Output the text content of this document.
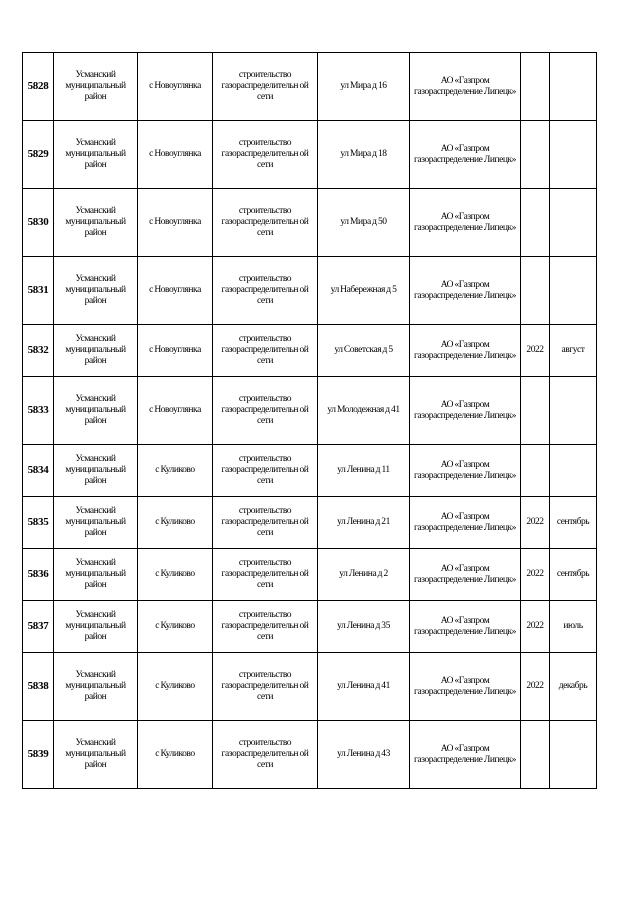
5828	Усманский муниципальный район	с Новоуглянка	строительство газораспределительн ой сети	ул Мира д 16	АО «Газпром газораспределение Липецк»		
5829	Усманский муниципальный район	с Новоуглянка	строительство газораспределительн ой сети	ул Мира д 18	АО «Газпром газораспределение Липецк»		
5830	Усманский муниципальный район	с Новоуглянка	строительство газораспределительн ой сети	ул Мира д 50	АО «Газпром газораспределение Липецк»		
5831	Усманский муниципальный район	с Новоуглянка	строительство газораспределительн ой сети	ул Набережная д 5	АО «Газпром газораспределение Липецк»		
5832	Усманский муниципальный район	с Новоуглянка	строительство газораспределительн ой сети	ул Советская д 5	АО «Газпром газораспределение Липецк»	2022	август
5833	Усманский муниципальный район	с Новоуглянка	строительство газораспределительн ой сети	ул Молодежная д 41	АО «Газпром газораспределение Липецк»		
5834	Усманский муниципальный район	с Куликово	строительство газораспределительн ой сети	ул Ленина д 11	АО «Газпром газораспределение Липецк»		
5835	Усманский муниципальный район	с Куликово	строительство газораспределительн ой сети	ул Ленина д 21	АО «Газпром газораспределение Липецк»	2022	сентябрь
5836	Усманский муниципальный район	с Куликово	строительство газораспределительн ой сети	ул Ленина д 2	АО «Газпром газораспределение Липецк»	2022	сентябрь
5837	Усманский муниципальный район	с Куликово	строительство газораспределительн ой сети	ул Ленина д 35	АО «Газпром газораспределение Липецк»	2022	июль
5838	Усманский муниципальный район	с Куликово	строительство газораспределительн ой сети	ул Ленина д 41	АО «Газпром газораспределение Липецк»	2022	декабрь
5839	Усманский муниципальный район	с Куликово	строительство газораспределительн ой сети	ул Ленина д 43	АО «Газпром газораспределение Липецк»		
